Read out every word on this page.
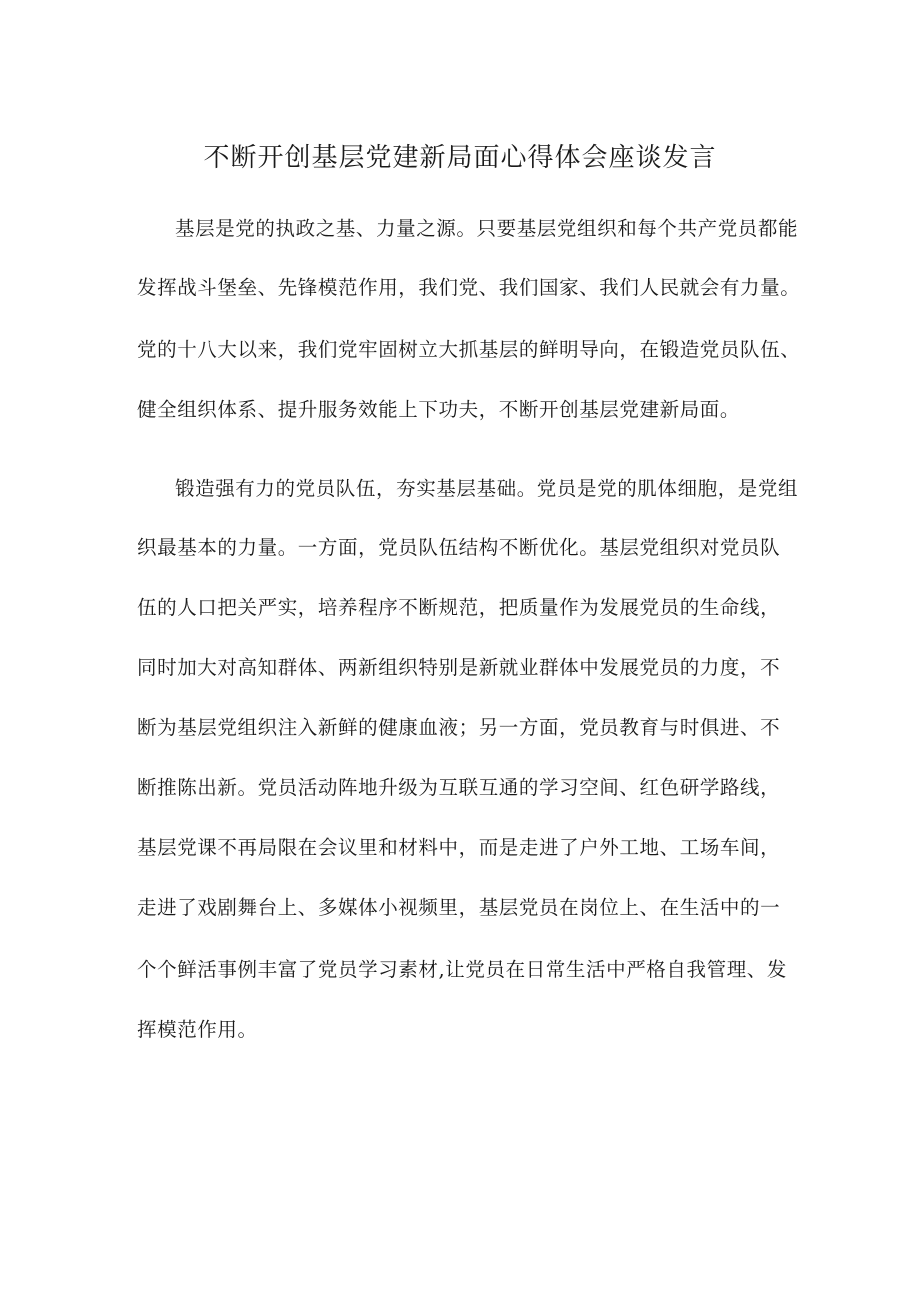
不断开创基层党建新局面心得体会座谈发言
基层是党的执政之基、力量之源。只要基层党组织和每个共产党员都能
发挥战斗堡垒、先锋模范作用，我们党、我们国家、我们人民就会有力量。
党的十八大以来，我们党牢固树立大抓基层的鲜明导向，在锻造党员队伍、
健全组织体系、提升服务效能上下功夫，不断开创基层党建新局面。
锻造强有力的党员队伍，夯实基层基础。党员是党的肌体细胞，是党组
织最基本的力量。一方面，党员队伍结构不断优化。基层党组织对党员队
伍的人口把关严实，培养程序不断规范，把质量作为发展党员的生命线，
同时加大对高知群体、两新组织特别是新就业群体中发展党员的力度，不
断为基层党组织注入新鲜的健康血液；另一方面，党员教育与时俱进、不
断推陈出新。党员活动阵地升级为互联互通的学习空间、红色研学路线，
基层党课不再局限在会议里和材料中，而是走进了户外工地、工场车间，
走进了戏剧舞台上、多媒体小视频里，基层党员在岗位上、在生活中的一
个个鲜活事例丰富了党员学习素材,让党员在日常生活中严格自我管理、发
挥模范作用。
